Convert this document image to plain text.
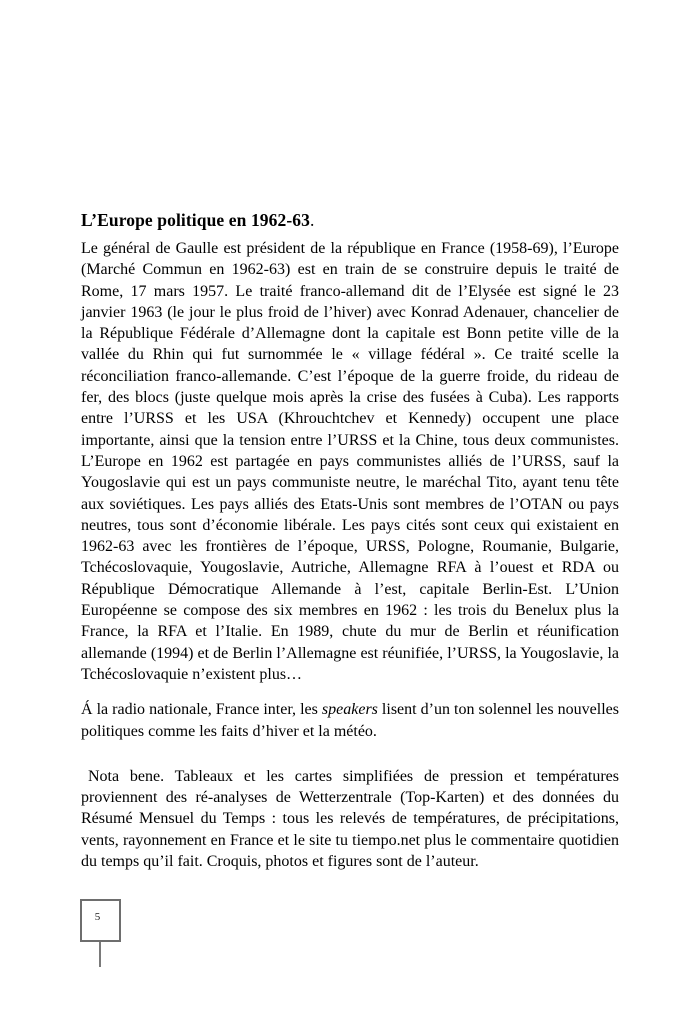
L’Europe politique en 1962-63.

Le général de Gaulle est président de la république en France (1958-69), l’Europe (Marché Commun en 1962-63) est en train de se construire depuis le traité de Rome, 17 mars 1957. Le traité franco-allemand dit de l’Elysée est signé le 23 janvier 1963 (le jour le plus froid de l’hiver) avec Konrad Adenauer, chancelier de la République Fédérale d’Allemagne dont la capitale est Bonn petite ville de la vallée du Rhin qui fut surnommée le « village fédéral ». Ce traité scelle la réconciliation franco-allemande. C’est l’époque de la guerre froide, du rideau de fer, des blocs (juste quelque mois après la crise des fusées à Cuba). Les rapports entre l’URSS et les USA (Khrouchtchev et Kennedy) occupent une place importante, ainsi que la tension entre l’URSS et la Chine, tous deux communistes. L’Europe en 1962 est partagée en pays communistes alliés de l’URSS, sauf la Yougoslavie qui est un pays communiste neutre, le maréchal Tito, ayant tenu tête aux soviétiques. Les pays alliés des Etats-Unis sont membres de l’OTAN ou pays neutres, tous sont d’économie libérale. Les pays cités sont ceux qui existaient en 1962-63 avec les frontières de l’époque, URSS, Pologne, Roumanie, Bulgarie, Tchécoslovaquie, Yougoslavie, Autriche, Allemagne RFA à l’ouest et RDA ou République Démocratique Allemande à l’est, capitale Berlin-Est. L’Union Européenne se compose des six membres en 1962 : les trois du Benelux plus la France, la RFA et l’Italie. En 1989, chute du mur de Berlin et réunification allemande (1994) et de Berlin l’Allemagne est réunifiée, l’URSS, la Yougoslavie, la Tchécoslovaquie n’existent plus…

Á la radio nationale, France inter, les speakers lisent d’un ton solennel les nouvelles politiques comme les faits d’hiver et la météo.

Nota bene. Tableaux et les cartes simplifiées de pression et températures proviennent des ré-analyses de Wetterzentrale (Top-Karten) et des données du Résumé Mensuel du Temps : tous les relevés de températures, de précipitations, vents, rayonnement en France et le site tu tiempo.net plus le commentaire quotidien du temps qu’il fait. Croquis, photos et figures sont de l’auteur.

5
